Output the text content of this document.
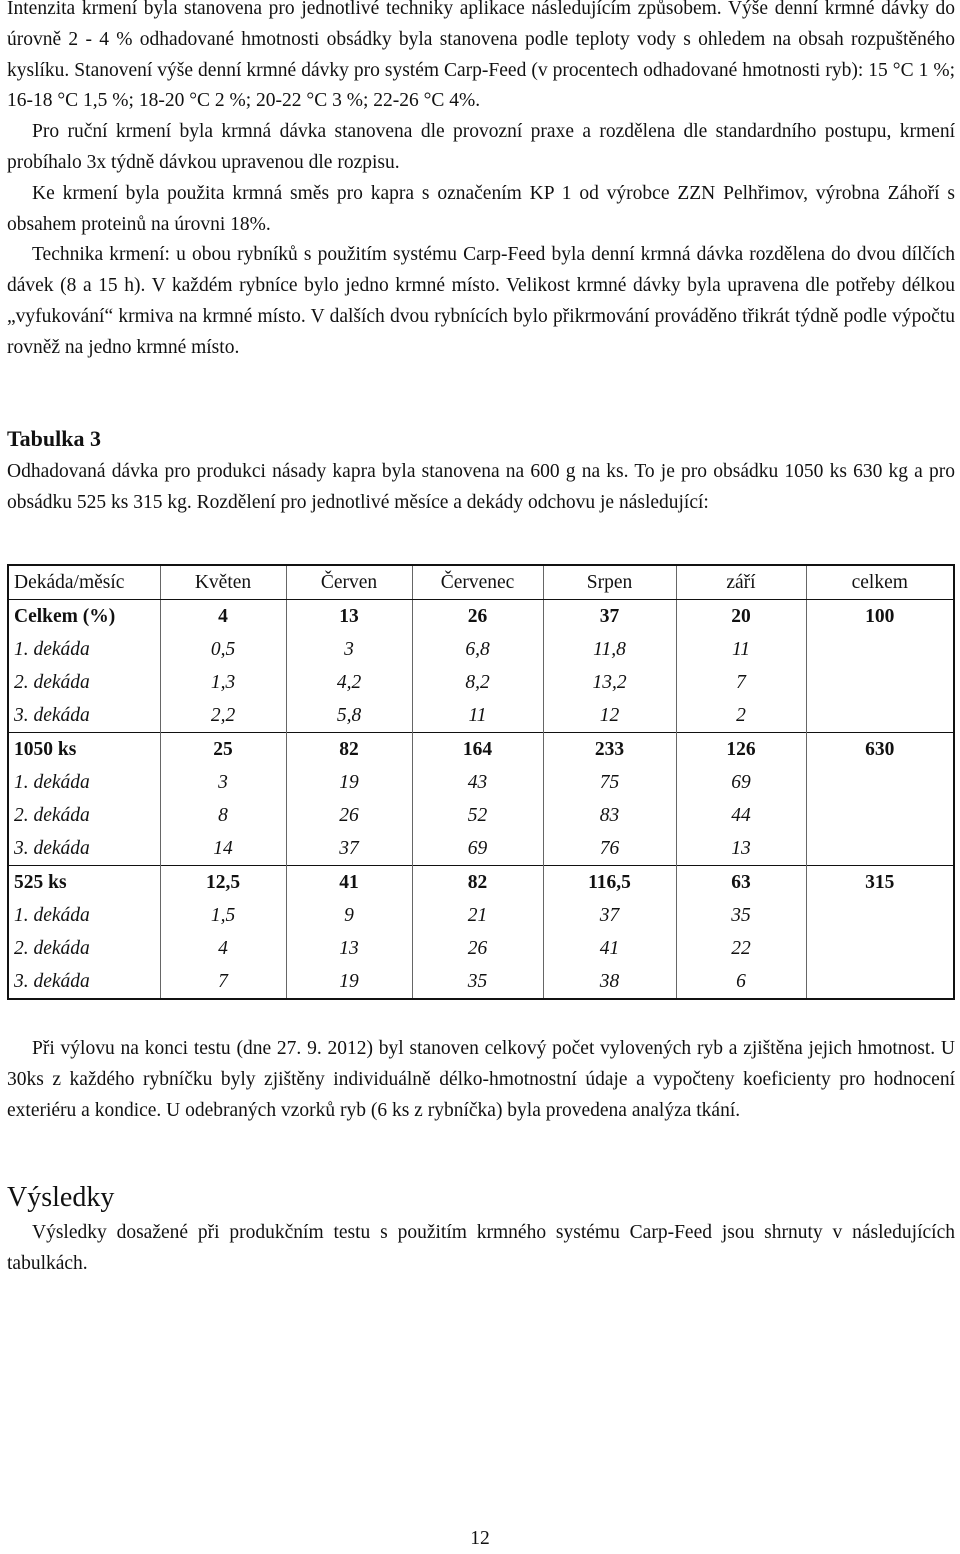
Intenzita krmení byla stanovena pro jednotlivé techniky aplikace následujícím způsobem. Výše denní krmné dávky do úrovně 2 - 4 % odhadované hmotnosti obsádky byla stanovena podle teploty vody s ohledem na obsah rozpuštěného kyslíku. Stanovení výše denní krmné dávky pro systém Carp-Feed (v procentech odhadované hmotnosti ryb): 15 °C 1 %; 16-18 °C 1,5 %; 18-20 °C 2 %; 20-22 °C 3 %; 22-26 °C 4%.

Pro ruční krmení byla krmná dávka stanovena dle provozní praxe a rozdělena dle standardního postupu, krmení probíhalo 3x týdně dávkou upravenou dle rozpisu.

Ke krmení byla použita krmná směs pro kapra s označením KP 1 od výrobce ZZN Pelhřimov, výrobna Záhoří s obsahem proteinů na úrovni 18%.

Technika krmení: u obou rybníků s použitím systému Carp-Feed byla denní krmná dávka rozdělena do dvou dílčích dávek (8 a 15 h). V každém rybníce bylo jedno krmné místo. Velikost krmné dávky byla upravena dle potřeby délkou „vyfukování“ krmiva na krmné místo. V dalších dvou rybnících bylo přikrmování prováděno třikrát týdně podle výpočtu rovněž na jedno krmné místo.

Tabulka 3

Odhadovaná dávka pro produkci násady kapra byla stanovena na 600 g na ks. To je pro obsádku 1050 ks 630 kg a pro obsádku 525 ks 315 kg. Rozdělení pro jednotlivé měsíce a dekády odchovu je následující:

Dekáda/měsíc	Květen	Červen	Červenec	Srpen	září	celkem
Celkem (%)	4	13	26	37	20	100
1. dekáda	0,5	3	6,8	11,8	11	
2. dekáda	1,3	4,2	8,2	13,2	7	
3. dekáda	2,2	5,8	11	12	2	
1050 ks	25	82	164	233	126	630
1. dekáda	3	19	43	75	69	
2. dekáda	8	26	52	83	44	
3. dekáda	14	37	69	76	13	
525 ks	12,5	41	82	116,5	63	315
1. dekáda	1,5	9	21	37	35	
2. dekáda	4	13	26	41	22	
3. dekáda	7	19	35	38	6	

Při výlovu na konci testu (dne 27. 9. 2012) byl stanoven celkový počet vylovených ryb a zjištěna jejich hmotnost. U 30ks z každého rybníčku byly zjištěny individuálně délko-hmotnostní údaje a vypočteny koeficienty pro hodnocení exteriéru a kondice. U odebraných vzorků ryb (6 ks z rybníčka) byla provedena analýza tkání.

Výsledky

Výsledky dosažené při produkčním testu s použitím krmného systému Carp-Feed jsou shrnuty v následujících tabulkách.

12
